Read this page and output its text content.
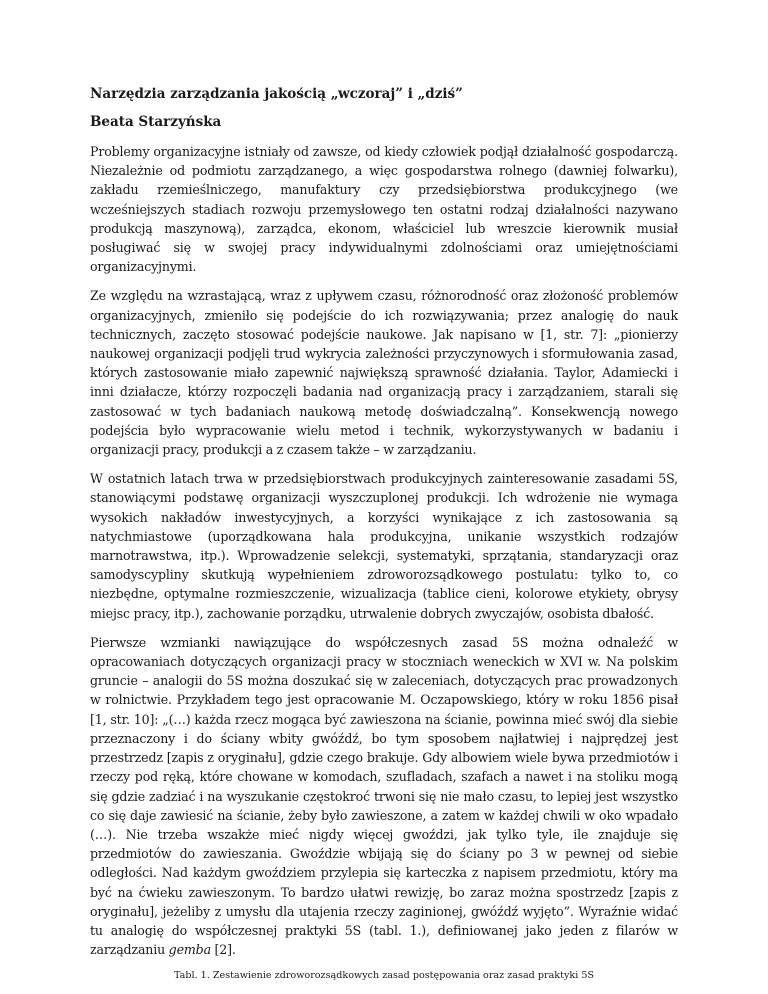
Narzędzia zarządzania jakością „wczoraj” i „dziś”
Beata Starzyńska

Problemy organizacyjne istniały od zawsze, od kiedy człowiek podjął działalność gospodarczą. Niezależnie od podmiotu zarządzanego, a więc gospodarstwa rolnego (dawniej folwarku), zakładu rzemieślniczego, manufaktury czy przedsiębiorstwa produkcyjnego (we wcześniejszych stadiach rozwoju przemysłowego ten ostatni rodzaj działalności nazywano produkcją maszynową), zarządca, ekonom, właściciel lub wreszcie kierownik musiał posługiwać się w swojej pracy indywidualnymi zdolnościami oraz umiejętnościami organizacyjnymi.

Ze względu na wzrastającą, wraz z upływem czasu, różnorodność oraz złożoność problemów organizacyjnych, zmieniło się podejście do ich rozwiązywania; przez analogię do nauk technicznych, zaczęto stosować podejście naukowe. Jak napisano w [1, str. 7]: „pionierzy naukowej organizacji podjęli trud wykrycia zależności przyczynowych i sformułowania zasad, których zastosowanie miało zapewnić największą sprawność działania. Taylor, Adamiecki i inni działacze, którzy rozpoczęli badania nad organizacją pracy i zarządzaniem, starali się zastosować w tych badaniach naukową metodę doświadczalną”. Konsekwencją nowego podejścia było wypracowanie wielu metod i technik, wykorzystywanych w badaniu i organizacji pracy, produkcji a z czasem także – w zarządzaniu.

W ostatnich latach trwa w przedsiębiorstwach produkcyjnych zainteresowanie zasadami 5S, stanowiącymi podstawę organizacji wyszczuplonej produkcji. Ich wdrożenie nie wymaga wysokich nakładów inwestycyjnych, a korzyści wynikające z ich zastosowania są natychmiastowe (uporządkowana hala produkcyjna, unikanie wszystkich rodzajów marnotrawstwa, itp.). Wprowadzenie selekcji, systematyki, sprzątania, standaryzacji oraz samodyscypliny skutkują wypełnieniem zdroworozsądkowego postulatu: tylko to, co niezbędne, optymalne rozmieszczenie, wizualizacja (tablice cieni, kolorowe etykiety, obrysy miejsc pracy, itp.), zachowanie porządku, utrwalenie dobrych zwyczajów, osobista dbałość.

Pierwsze wzmianki nawiązujące do współczesnych zasad 5S można odnaleźć w opracowaniach dotyczących organizacji pracy w stoczniach weneckich w XVI w. Na polskim gruncie – analogii do 5S można doszukać się w zaleceniach, dotyczących prac prowadzonych w rolnictwie. Przykładem tego jest opracowanie M. Oczapowskiego, który w roku 1856 pisał [1, str. 10]: „(…) każda rzecz mogąca być zawieszona na ścianie, powinna mieć swój dla siebie przeznaczony i do ściany wbity gwóźdź, bo tym sposobem najłatwiej i najprędzej jest przestrzedz [zapis z oryginału], gdzie czego brakuje. Gdy albowiem wiele bywa przedmiotów i rzeczy pod ręką, które chowane w komodach, szufladach, szafach a nawet i na stoliku mogą się gdzie zadziać i na wyszukanie częstokroć trwoni się nie mało czasu, to lepiej jest wszystko co się daje zawiesić na ścianie, żeby było zawieszone, a zatem w każdej chwili w oko wpadało (…). Nie trzeba wszakże mieć nigdy więcej gwoździ, jak tylko tyle, ile znajduje się przedmiotów do zawieszania. Gwoździe wbijają się do ściany po 3 w pewnej od siebie odległości. Nad każdym gwoździem przylepia się karteczka z napisem przedmiotu, który ma być na ćwieku zawieszonym. To bardzo ułatwi rewizję, bo zaraz można spostrzedz [zapis z oryginału], jeżeliby z umysłu dla utajenia rzeczy zaginionej, gwóźdź wyjęto”. Wyraźnie widać tu analogię do współczesnej praktyki 5S (tabl. 1.), definiowanej jako jeden z filarów w zarządzaniu gemba [2].

Tabl. 1. Zestawienie zdroworozsądkowych zasad postępowania oraz zasad praktyki 5S
